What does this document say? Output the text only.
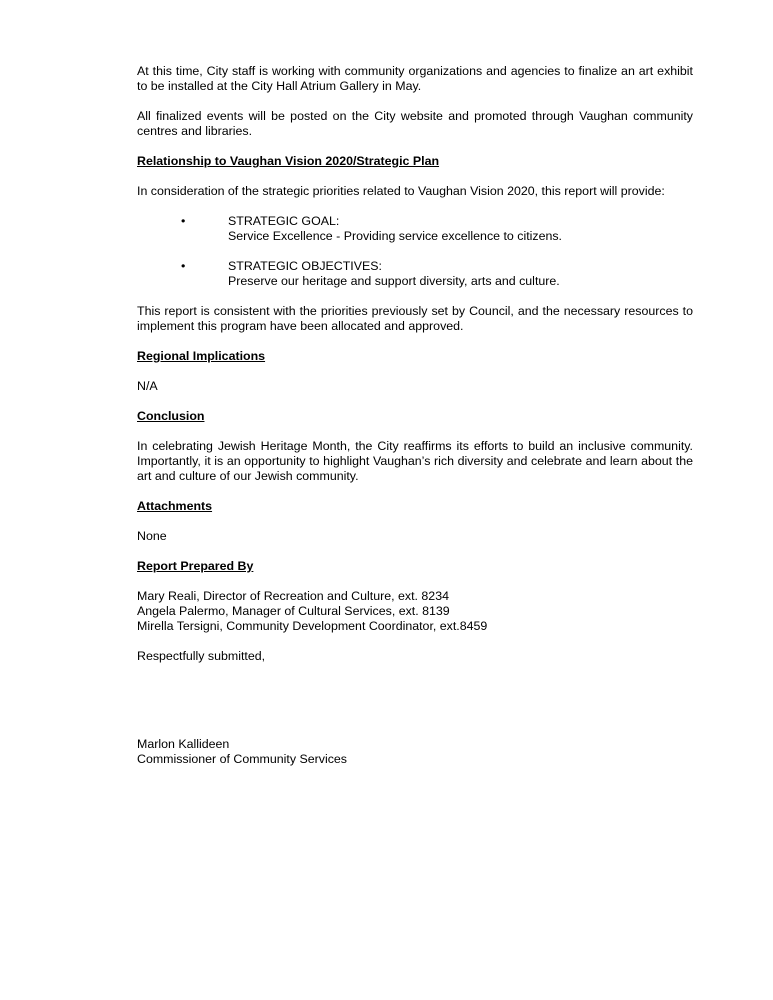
At this time, City staff is working with community organizations and agencies to finalize an art exhibit to be installed at the City Hall Atrium Gallery in May.

All finalized events will be posted on the City website and promoted through Vaughan community centres and libraries.

Relationship to Vaughan Vision 2020/Strategic Plan

In consideration of the strategic priorities related to Vaughan Vision 2020, this report will provide:

•	STRATEGIC GOAL:
Service Excellence - Providing service excellence to citizens.
•	STRATEGIC OBJECTIVES:
Preserve our heritage and support diversity, arts and culture.

This report is consistent with the priorities previously set by Council, and the necessary resources to implement this program have been allocated and approved.

Regional Implications

N/A

Conclusion

In celebrating Jewish Heritage Month, the City reaffirms its efforts to build an inclusive community. Importantly, it is an opportunity to highlight Vaughan’s rich diversity and celebrate and learn about the art and culture of our Jewish community.

Attachments

None

Report Prepared By
Mary Reali, Director of Recreation and Culture, ext. 8234
Angela Palermo, Manager of Cultural Services, ext. 8139
Mirella Tersigni, Community Development Coordinator, ext.8459

Respectfully submitted,

Marlon Kallideen
Commissioner of Community Services
